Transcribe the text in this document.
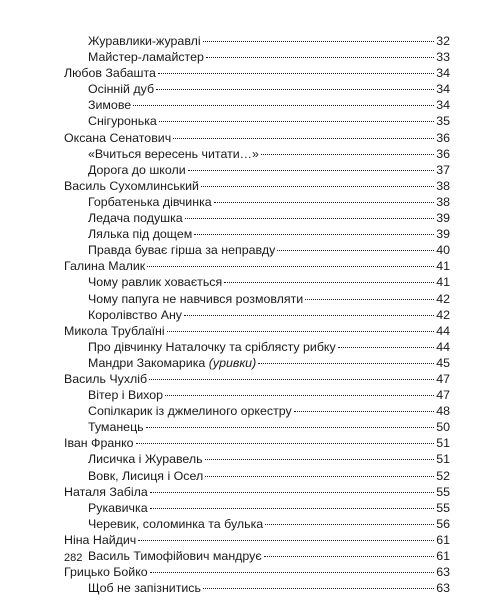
Журавлики-журавлі	32
Майстер-ламайстер	33
Любов Забашта	34
Осінній дуб	34
Зимове	34
Снігуронька	35
Оксана Сенатович	36
«Вчиться вересень читати…»	36
Дорога до школи	37
Василь Сухомлинський	38
Горбатенька дівчинка	38
Ледача подушка	39
Лялька під дощем	39
Правда буває гірша за неправду	40
Галина Малик	41
Чому равлик ховається	41
Чому папуга не навчився розмовляти	42
Королівство Ану	42
Микола Трублаїні	44
Про дівчинку Наталочку та сріблясту рибку	44
Мандри Закомарика (уривки)	45
Василь Чухліб	47
Вітер і Вихор	47
Сопілкарик із джмелиного оркестру	48
Туманець	50
Іван Франко	51
Лисичка і Журавель	51
Вовк, Лисиця і Осел	52
Наталя Забіла	55
Рукавичка	55
Черевик, соломинка та булька	56
Ніна Найдич	61
Василь Тимофійович мандрує	61
Грицько Бойко	63
Щоб не запізнитись	63
282
